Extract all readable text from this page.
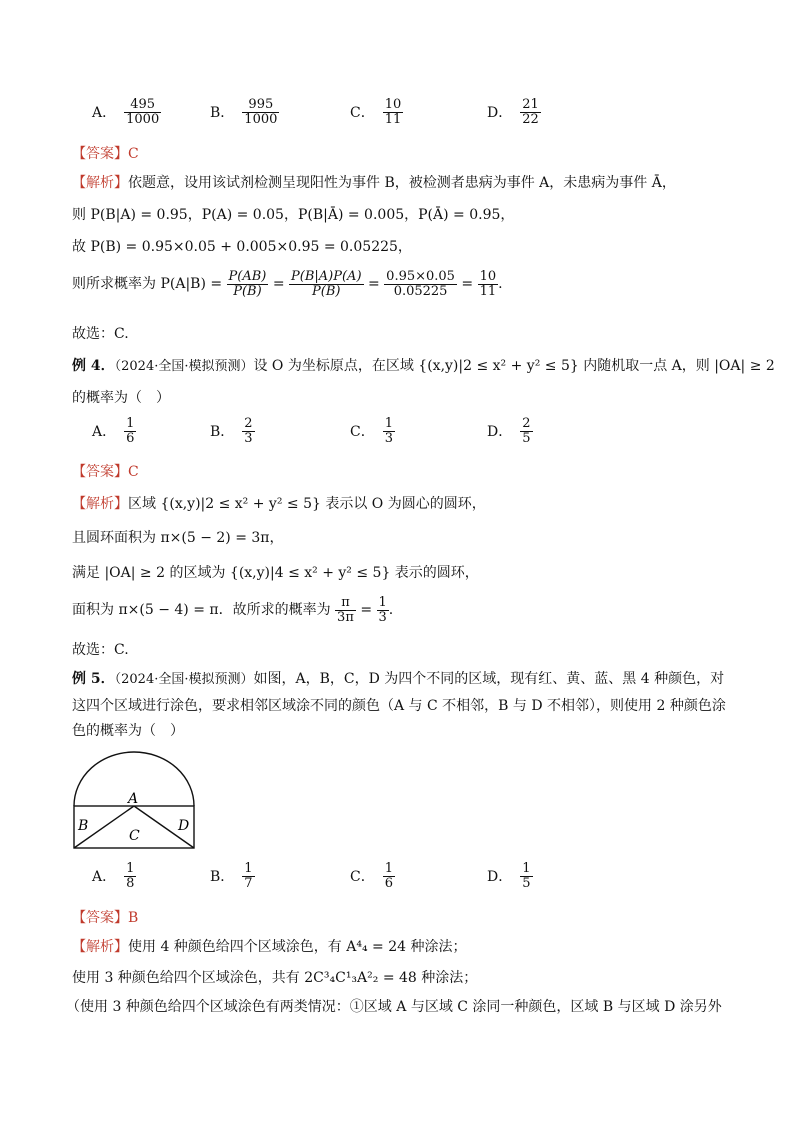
A． $\frac{495}{1000}$	B． $\frac{995}{1000}$	C． $\frac{10}{11}$	D． $\frac{21}{22}$
【答案】C
【解析】依题意，设用该试剂检测呈现阳性为事件 B，被检测者患病为事件 A，未患病为事件 Ā，
则 P(B|A) = 0.95，P(A) = 0.05，P(B|Ā) = 0.005，P(Ā) = 0.95，
故 P(B) = 0.95×0.05 + 0.005×0.95 = 0.05225，
则所求概率为 $P(A|B) = \frac{P(AB)}{P(B)} = \frac{P(B|A)P(A)}{P(B)} = \frac{0.95\times 0.05}{0.05225} = \frac{10}{11}$ .
故选：C.
例 4．（2024·全国·模拟预测）设 O 为坐标原点，在区域 {(x,y)|2 ≤ x² + y² ≤ 5} 内随机取一点 A，则 |OA| ≥ 2
的概率为（　）
A． $\frac{1}{6}$	B． $\frac{2}{3}$	C． $\frac{1}{3}$	D． $\frac{2}{5}$
【答案】C
【解析】区域 {(x,y)|2 ≤ x² + y² ≤ 5} 表示以 O 为圆心的圆环，
且圆环面积为 π×(5 − 2) = 3π，
满足 |OA| ≥ 2 的区域为 {(x,y)|4 ≤ x² + y² ≤ 5} 表示的圆环，
面积为 π×(5 − 4) = π．故所求的概率为 $\frac{\pi}{3\pi} = \frac{1}{3}$ .
故选：C.
例 5．（2024·全国·模拟预测）如图，A，B，C，D 为四个不同的区域，现有红、黄、蓝、黑 4 种颜色，对
这四个区域进行涂色，要求相邻区域涂不同的颜色（A 与 C 不相邻，B 与 D 不相邻），则使用 2 种颜色涂
色的概率为（　）
A
B
C
D
A． $\frac{1}{8}$	B． $\frac{1}{7}$	C． $\frac{1}{6}$	D． $\frac{1}{5}$
【答案】B
【解析】使用 4 种颜色给四个区域涂色，有 A⁴₄ = 24 种涂法；
使用 3 种颜色给四个区域涂色，共有 2C³₄C¹₃A²₂ = 48 种涂法；
（使用 3 种颜色给四个区域涂色有两类情况：①区域 A 与区域 C 涂同一种颜色，区域 B 与区域 D 涂另外
